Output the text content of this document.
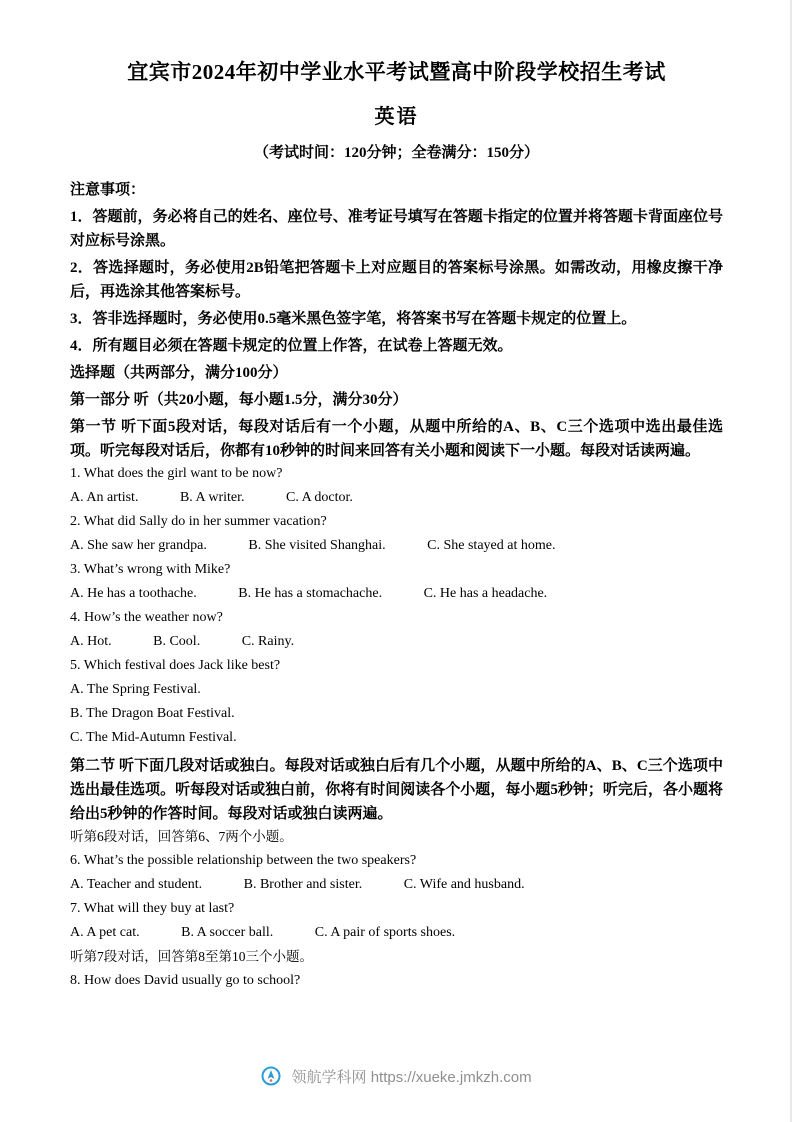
宜宾市2024年初中学业水平考试暨高中阶段学校招生考试
英语
（考试时间：120分钟；全卷满分：150分）
注意事项：
1．答题前，务必将自己的姓名、座位号、准考证号填写在答题卡指定的位置并将答题卡背面座位号对应标号涂黑。
2．答选择题时，务必使用2B铅笔把答题卡上对应题目的答案标号涂黑。如需改动，用橡皮擦干净后，再选涂其他答案标号。
3．答非选择题时，务必使用0.5毫米黑色签字笔，将答案书写在答题卡规定的位置上。
4．所有题目必须在答题卡规定的位置上作答，在试卷上答题无效。
选择题（共两部分，满分100分）
第一部分 听（共20小题，每小题1.5分，满分30分）
第一节 听下面5段对话，每段对话后有一个小题，从题中所给的A、B、C三个选项中选出最佳选项。听完每段对话后，你都有10秒钟的时间来回答有关小题和阅读下一小题。每段对话读两遍。
1. What does the girl want to be now?
A. An artist.	B. A writer.	C. A doctor.
2. What did Sally do in her summer vacation?
A. She saw her grandpa.	B. She visited Shanghai.	C. She stayed at home.
3. What’s wrong with Mike?
A. He has a toothache.	B. He has a stomachache.	C. He has a headache.
4. How’s the weather now?
A. Hot.	B. Cool.	C. Rainy.
5. Which festival does Jack like best?
A. The Spring Festival.
B. The Dragon Boat Festival.
C. The Mid-Autumn Festival.
第二节 听下面几段对话或独白。每段对话或独白后有几个小题，从题中所给的A、B、C三个选项中选出最佳选项。听每段对话或独白前，你将有时间阅读各个小题，每小题5秒钟；听完后，各小题将给出5秒钟的作答时间。每段对话或独白读两遍。
听第6段对话，回答第6、7两个小题。
6. What’s the possible relationship between the two speakers?
A. Teacher and student.	B. Brother and sister.	C. Wife and husband.
7. What will they buy at last?
A. A pet cat.	B. A soccer ball.	C. A pair of sports shoes.
听第7段对话，回答第8至第10三个小题。
8. How does David usually go to school?
领航学科网 https://xueke.jmkzh.com
